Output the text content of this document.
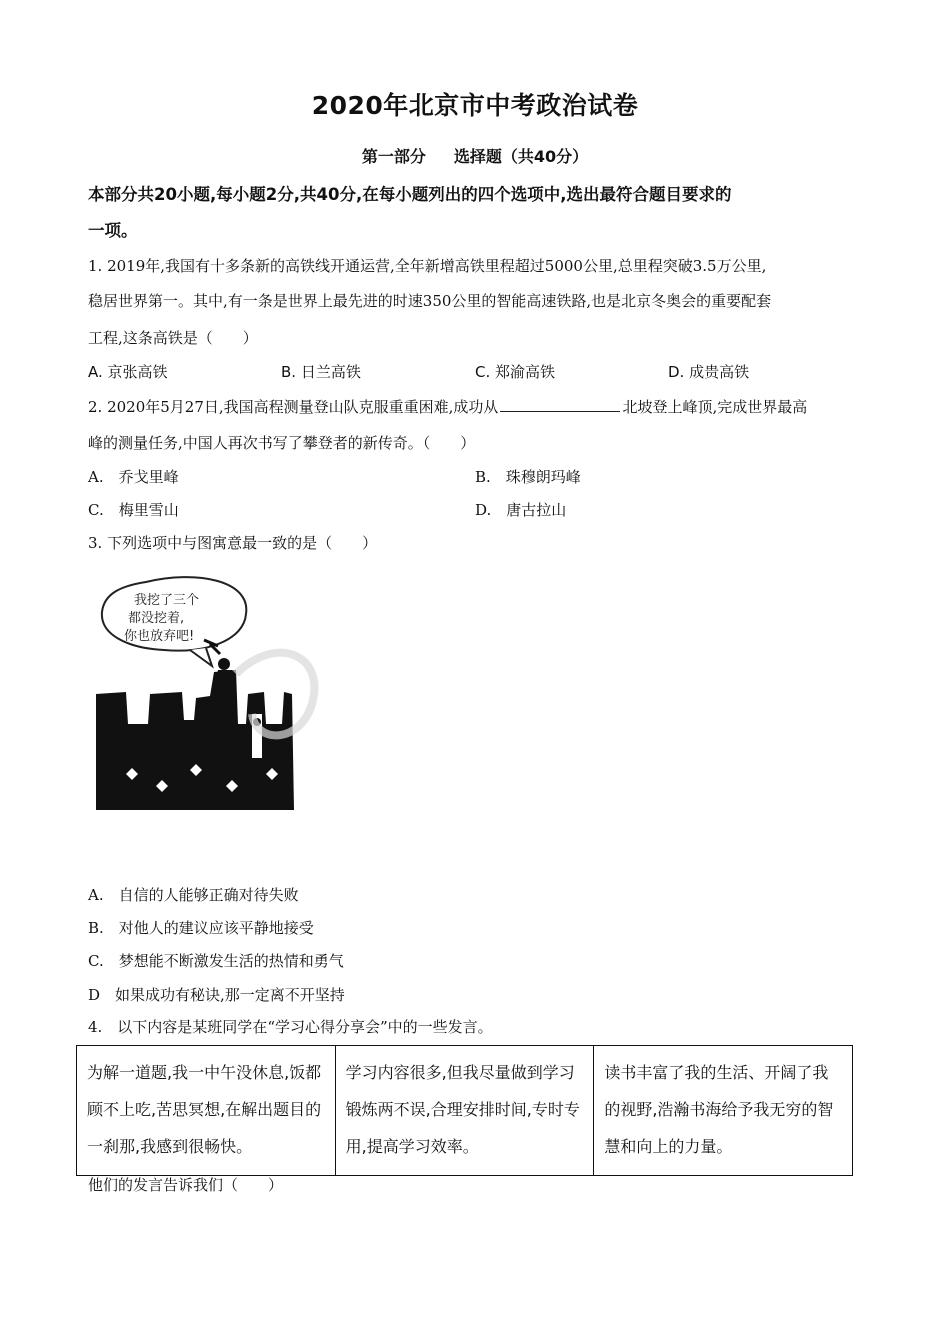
2020年北京市中考政治试卷
第一部分 选择题（共40分）
本部分共20小题,每小题2分,共40分,在每小题列出的四个选项中,选出最符合题目要求的
一项。
1. 2019年,我国有十多条新的高铁线开通运营,全年新增高铁里程超过5000公里,总里程突破3.5万公里,
稳居世界第一。其中,有一条是世界上最先进的时速350公里的智能高速铁路,也是北京冬奥会的重要配套
工程,这条高铁是（　　）
A. 京张高铁	B. 日兰高铁	C. 郑渝高铁	D. 成贵高铁
2. 2020年5月27日,我国高程测量登山队克服重重困难,成功从	北坡登上峰顶,完成世界最高
峰的测量任务,中国人再次书写了攀登者的新传奇。（　　）
A.　乔戈里峰	B.　珠穆朗玛峰
C.　梅里雪山	D.　唐古拉山
3. 下列选项中与图寓意最一致的是（　　）
我挖了三个
都没挖着,
你也放弃吧!
A.　自信的人能够正确对待失败
B.　对他人的建议应该平静地接受
C.　梦想能不断激发生活的热情和勇气
D　如果成功有秘诀,那一定离不开坚持
4.　以下内容是某班同学在“学习心得分享会”中的一些发言。
为解一道题,我一中午没休息,饭都顾不上吃,苦思冥想,在解出题目的一刹那,我感到很畅快。	学习内容很多,但我尽量做到学习锻炼两不误,合理安排时间,专时专用,提高学习效率。	读书丰富了我的生活、开阔了我的视野,浩瀚书海给予我无穷的智慧和向上的力量。
他们的发言告诉我们（　　）
